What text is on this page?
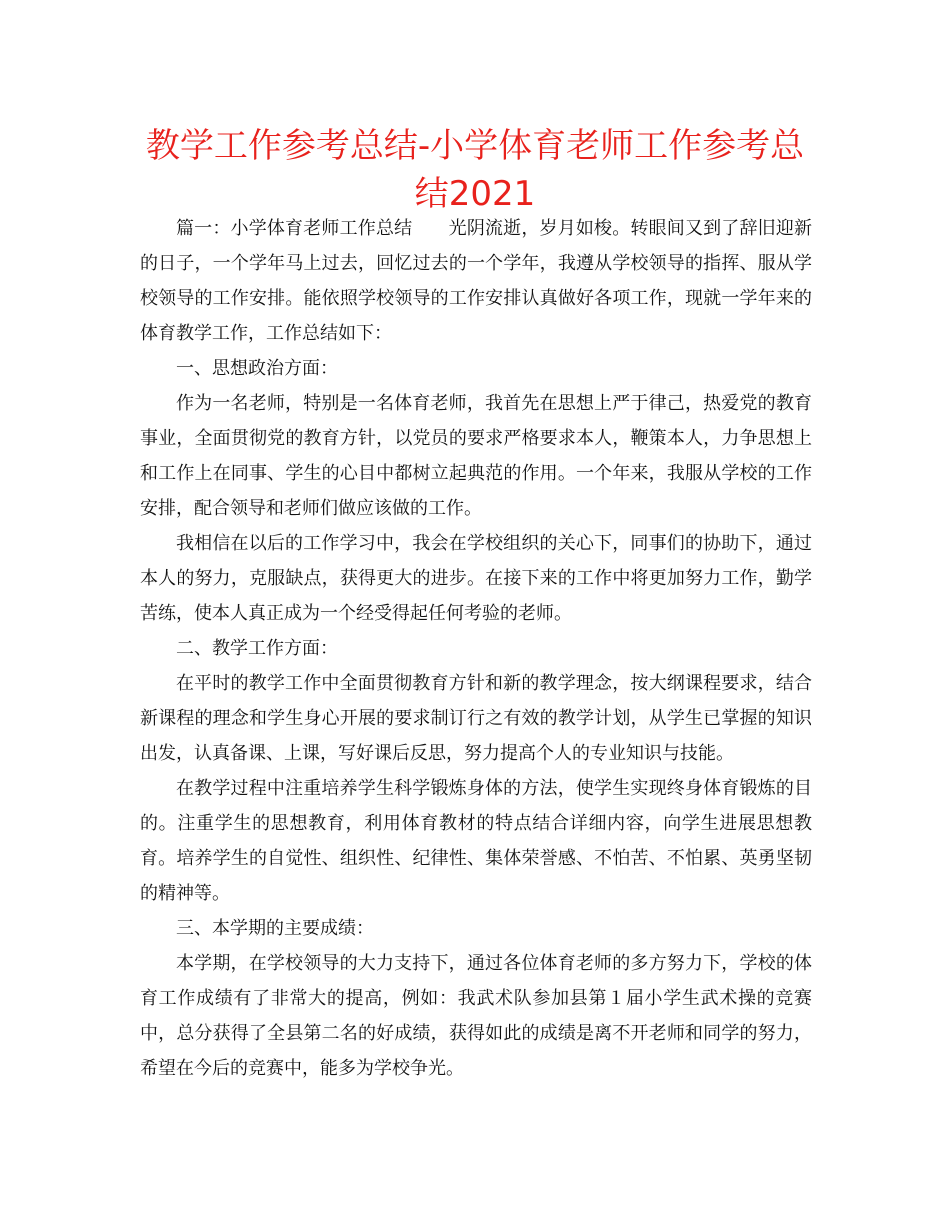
教学工作参考总结-小学体育老师工作参考总结2021

篇一：小学体育老师工作总结　　光阴流逝，岁月如梭。转眼间又到了辞旧迎新的日子，一个学年马上过去，回忆过去的一个学年，我遵从学校领导的指挥、服从学校领导的工作安排。能依照学校领导的工作安排认真做好各项工作，现就一学年来的体育教学工作，工作总结如下：

一、思想政治方面：

作为一名老师，特别是一名体育老师，我首先在思想上严于律己，热爱党的教育事业，全面贯彻党的教育方针，以党员的要求严格要求本人，鞭策本人，力争思想上和工作上在同事、学生的心目中都树立起典范的作用。一个年来，我服从学校的工作安排，配合领导和老师们做应该做的工作。

我相信在以后的工作学习中，我会在学校组织的关心下，同事们的协助下，通过本人的努力，克服缺点，获得更大的进步。在接下来的工作中将更加努力工作，勤学苦练，使本人真正成为一个经受得起任何考验的老师。

二、教学工作方面：

在平时的教学工作中全面贯彻教育方针和新的教学理念，按大纲课程要求，结合新课程的理念和学生身心开展的要求制订行之有效的教学计划，从学生已掌握的知识出发，认真备课、上课，写好课后反思，努力提高个人的专业知识与技能。

在教学过程中注重培养学生科学锻炼身体的方法，使学生实现终身体育锻炼的目的。注重学生的思想教育，利用体育教材的特点结合详细内容，向学生进展思想教育。培养学生的自觉性、组织性、纪律性、集体荣誉感、不怕苦、不怕累、英勇坚韧的精神等。

三、本学期的主要成绩：

本学期，在学校领导的大力支持下，通过各位体育老师的多方努力下，学校的体育工作成绩有了非常大的提高，例如：我武术队参加县第１届小学生武术操的竞赛中，总分获得了全县第二名的好成绩，获得如此的成绩是离不开老师和同学的努力，希望在今后的竞赛中，能多为学校争光。
